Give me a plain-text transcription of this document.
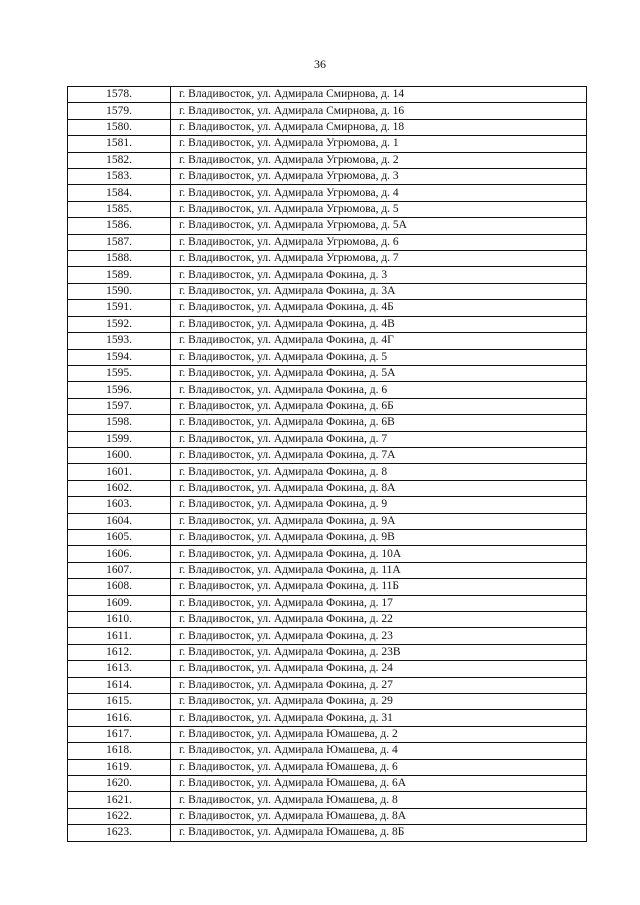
36
1578.	г. Владивосток, ул. Адмирала Смирнова, д. 14
1579.	г. Владивосток, ул. Адмирала Смирнова, д. 16
1580.	г. Владивосток, ул. Адмирала Смирнова, д. 18
1581.	г. Владивосток, ул. Адмирала Угрюмова, д. 1
1582.	г. Владивосток, ул. Адмирала Угрюмова, д. 2
1583.	г. Владивосток, ул. Адмирала Угрюмова, д. 3
1584.	г. Владивосток, ул. Адмирала Угрюмова, д. 4
1585.	г. Владивосток, ул. Адмирала Угрюмова, д. 5
1586.	г. Владивосток, ул. Адмирала Угрюмова, д. 5А
1587.	г. Владивосток, ул. Адмирала Угрюмова, д. 6
1588.	г. Владивосток, ул. Адмирала Угрюмова, д. 7
1589.	г. Владивосток, ул. Адмирала Фокина, д. 3
1590.	г. Владивосток, ул. Адмирала Фокина, д. 3А
1591.	г. Владивосток, ул. Адмирала Фокина, д. 4Б
1592.	г. Владивосток, ул. Адмирала Фокина, д. 4В
1593.	г. Владивосток, ул. Адмирала Фокина, д. 4Г
1594.	г. Владивосток, ул. Адмирала Фокина, д. 5
1595.	г. Владивосток, ул. Адмирала Фокина, д. 5А
1596.	г. Владивосток, ул. Адмирала Фокина, д. 6
1597.	г. Владивосток, ул. Адмирала Фокина, д. 6Б
1598.	г. Владивосток, ул. Адмирала Фокина, д. 6В
1599.	г. Владивосток, ул. Адмирала Фокина, д. 7
1600.	г. Владивосток, ул. Адмирала Фокина, д. 7А
1601.	г. Владивосток, ул. Адмирала Фокина, д. 8
1602.	г. Владивосток, ул. Адмирала Фокина, д. 8А
1603.	г. Владивосток, ул. Адмирала Фокина, д. 9
1604.	г. Владивосток, ул. Адмирала Фокина, д. 9А
1605.	г. Владивосток, ул. Адмирала Фокина, д. 9В
1606.	г. Владивосток, ул. Адмирала Фокина, д. 10А
1607.	г. Владивосток, ул. Адмирала Фокина, д. 11А
1608.	г. Владивосток, ул. Адмирала Фокина, д. 11Б
1609.	г. Владивосток, ул. Адмирала Фокина, д. 17
1610.	г. Владивосток, ул. Адмирала Фокина, д. 22
1611.	г. Владивосток, ул. Адмирала Фокина, д. 23
1612.	г. Владивосток, ул. Адмирала Фокина, д. 23В
1613.	г. Владивосток, ул. Адмирала Фокина, д. 24
1614.	г. Владивосток, ул. Адмирала Фокина, д. 27
1615.	г. Владивосток, ул. Адмирала Фокина, д. 29
1616.	г. Владивосток, ул. Адмирала Фокина, д. 31
1617.	г. Владивосток, ул. Адмирала Юмашева, д. 2
1618.	г. Владивосток, ул. Адмирала Юмашева, д. 4
1619.	г. Владивосток, ул. Адмирала Юмашева, д. 6
1620.	г. Владивосток, ул. Адмирала Юмашева, д. 6А
1621.	г. Владивосток, ул. Адмирала Юмашева, д. 8
1622.	г. Владивосток, ул. Адмирала Юмашева, д. 8А
1623.	г. Владивосток, ул. Адмирала Юмашева, д. 8Б
